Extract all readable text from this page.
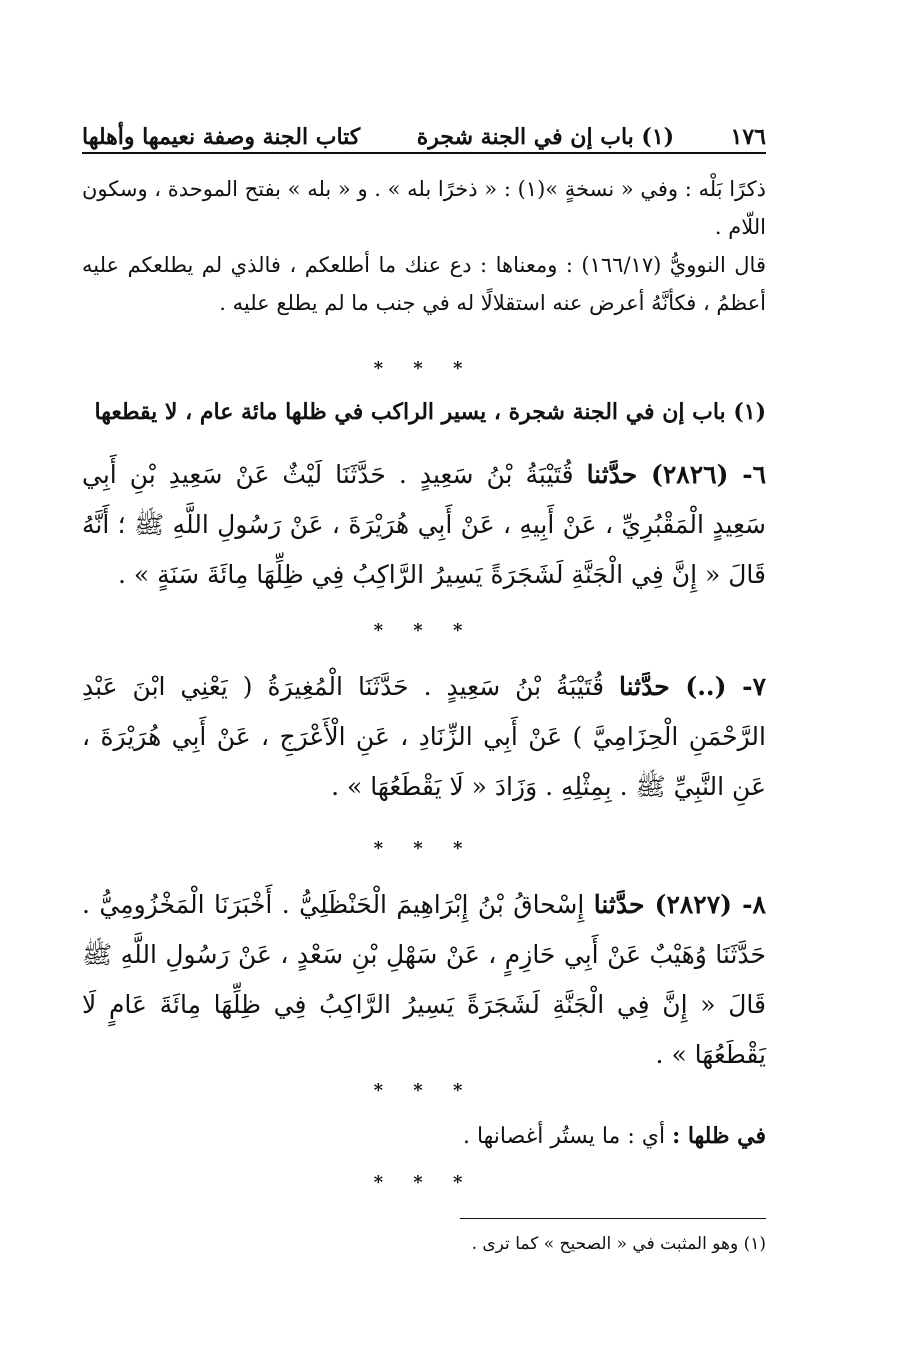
١٧٦
(١) باب إن في الجنة شجرة
كتاب الجنة وصفة نعيمها وأهلها

ذكرًا بَلْه : وفي « نسخةٍ »(١) : « ذخرًا بله » . و « بله » بفتح الموحدة ، وسكون اللّام .

قال النوويُّ (١٦٦/١٧) : ومعناها : دع عنك ما أطلعكم ، فالذي لم يطلعكم عليه أعظمُ ، فكأنَّهُ أعرض عنه استقلالًا له في جنب ما لم يطلع عليه .

* * *
(١) باب إن في الجنة شجرة ، يسير الراكب في ظلها مائة عام ، لا يقطعها

٦- (٢٨٢٦) حدَّثنا قُتَيْبَةُ بْنُ سَعِيدٍ . حَدَّثَنَا لَيْثٌ عَنْ سَعِيدِ بْنِ أَبِي سَعِيدٍ الْمَقْبُرِيِّ ، عَنْ أَبِيهِ ، عَنْ أَبِي هُرَيْرَةَ ، عَنْ رَسُولِ اللَّهِ ﷺ ؛ أَنَّهُ قَالَ « إِنَّ فِي الْجَنَّةِ لَشَجَرَةً يَسِيرُ الرَّاكِبُ فِي ظِلِّهَا مِائَةَ سَنَةٍ » .

* * *

٧- (..) حدَّثنا قُتَيْبَةُ بْنُ سَعِيدٍ . حَدَّثَنَا الْمُغِيرَةُ ( يَعْنِي ابْنَ عَبْدِ الرَّحْمَنِ الْحِزَامِيَّ ) عَنْ أَبِي الزِّنَادِ ، عَنِ الْأَعْرَجِ ، عَنْ أَبِي هُرَيْرَةَ ، عَنِ النَّبِيِّ ﷺ . بِمِثْلِهِ . وَزَادَ « لَا يَقْطَعُهَا » .

* * *

٨- (٢٨٢٧) حدَّثنا إِسْحاقُ بْنُ إِبْرَاهِيمَ الْحَنْظَلِيُّ . أَخْبَرَنَا الْمَخْزُومِيُّ . حَدَّثَنَا وُهَيْبٌ عَنْ أَبِي حَازِمٍ ، عَنْ سَهْلِ بْنِ سَعْدٍ ، عَنْ رَسُولِ اللَّهِ ﷺ قَالَ « إِنَّ فِي الْجَنَّةِ لَشَجَرَةً يَسِيرُ الرَّاكِبُ فِي ظِلِّهَا مِائَةَ عَامٍ لَا يَقْطَعُهَا » .

* * *

في ظلها : أي : ما يستُر أغصانها .

* * *
(١) وهو المثبت في « الصحيح » كما ترى .
